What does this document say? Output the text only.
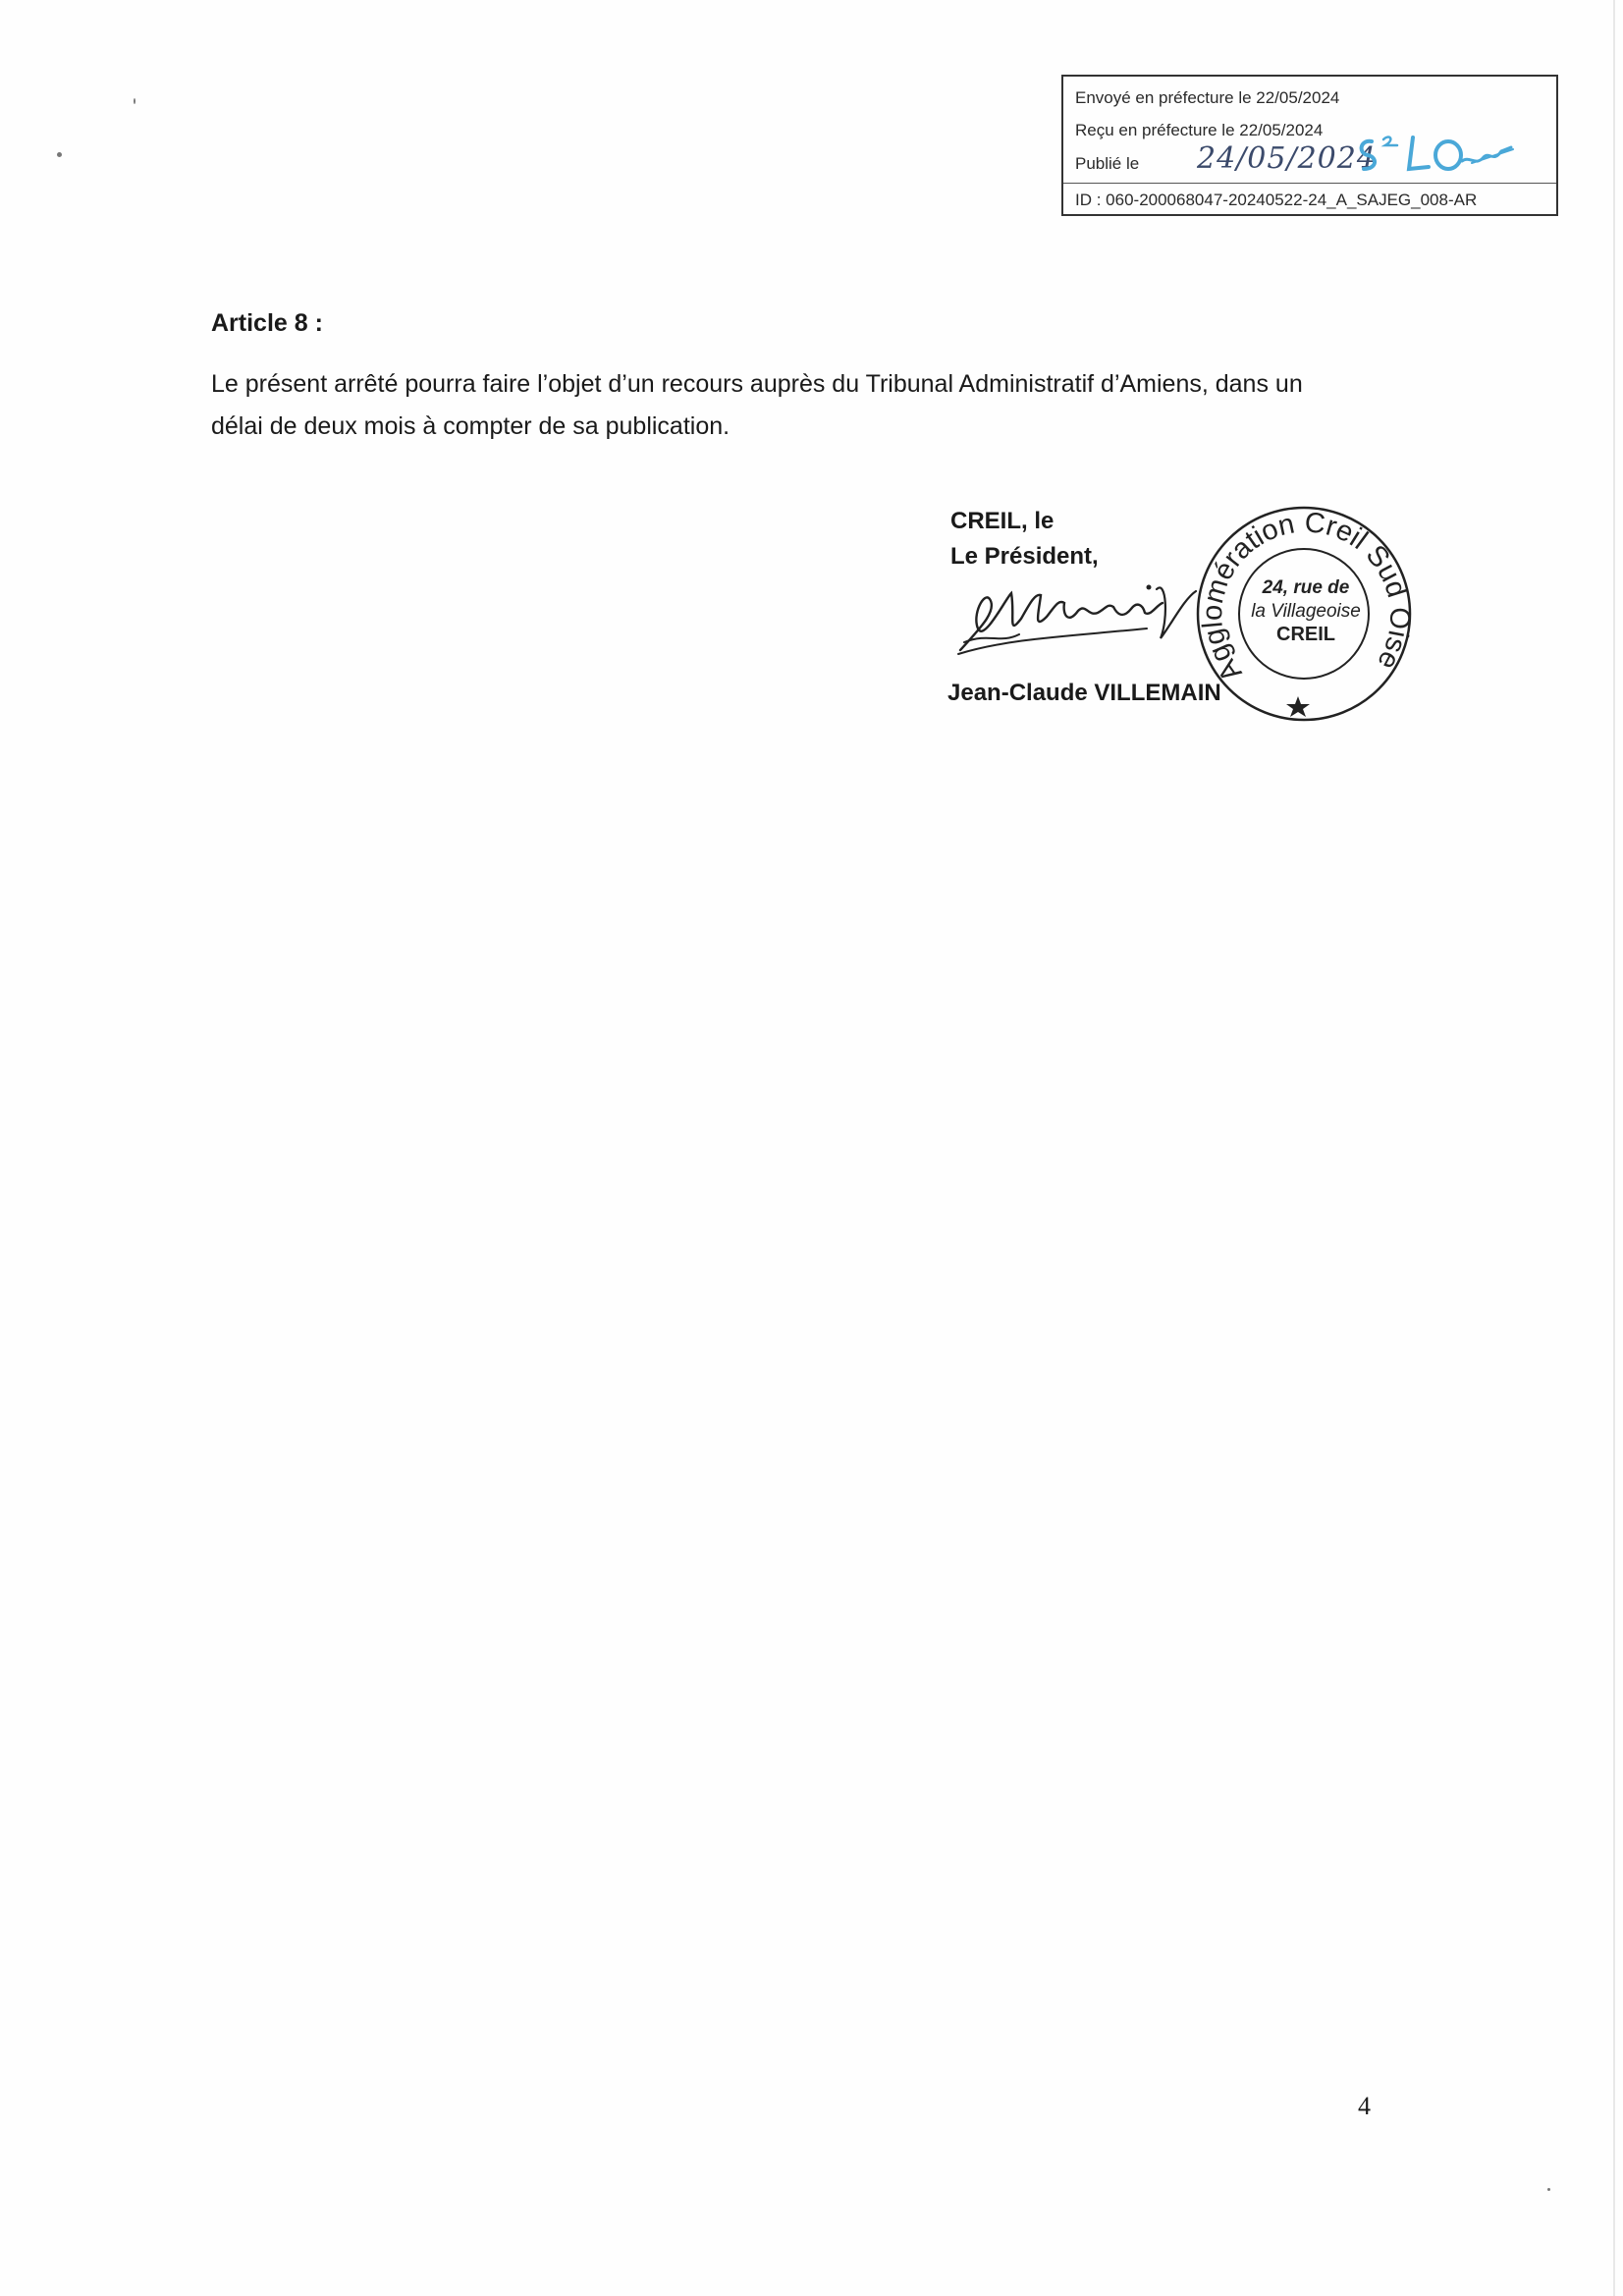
Envoyé en préfecture le 22/05/2024
Reçu en préfecture le 22/05/2024
Publié le 24/05/2024
ID : 060-200068047-20240522-24_A_SAJEG_008-AR
Article 8 :

Le présent arrêté pourra faire l’objet d’un recours auprès du Tribunal Administratif d’Amiens, dans un

délai de deux mois à compter de sa publication.

CREIL, le
Le Président,
Jean-Claude VILLEMAIN
Agglomération Creil Sud Oise
24, rue de
la Villageoise
CREIL
4
